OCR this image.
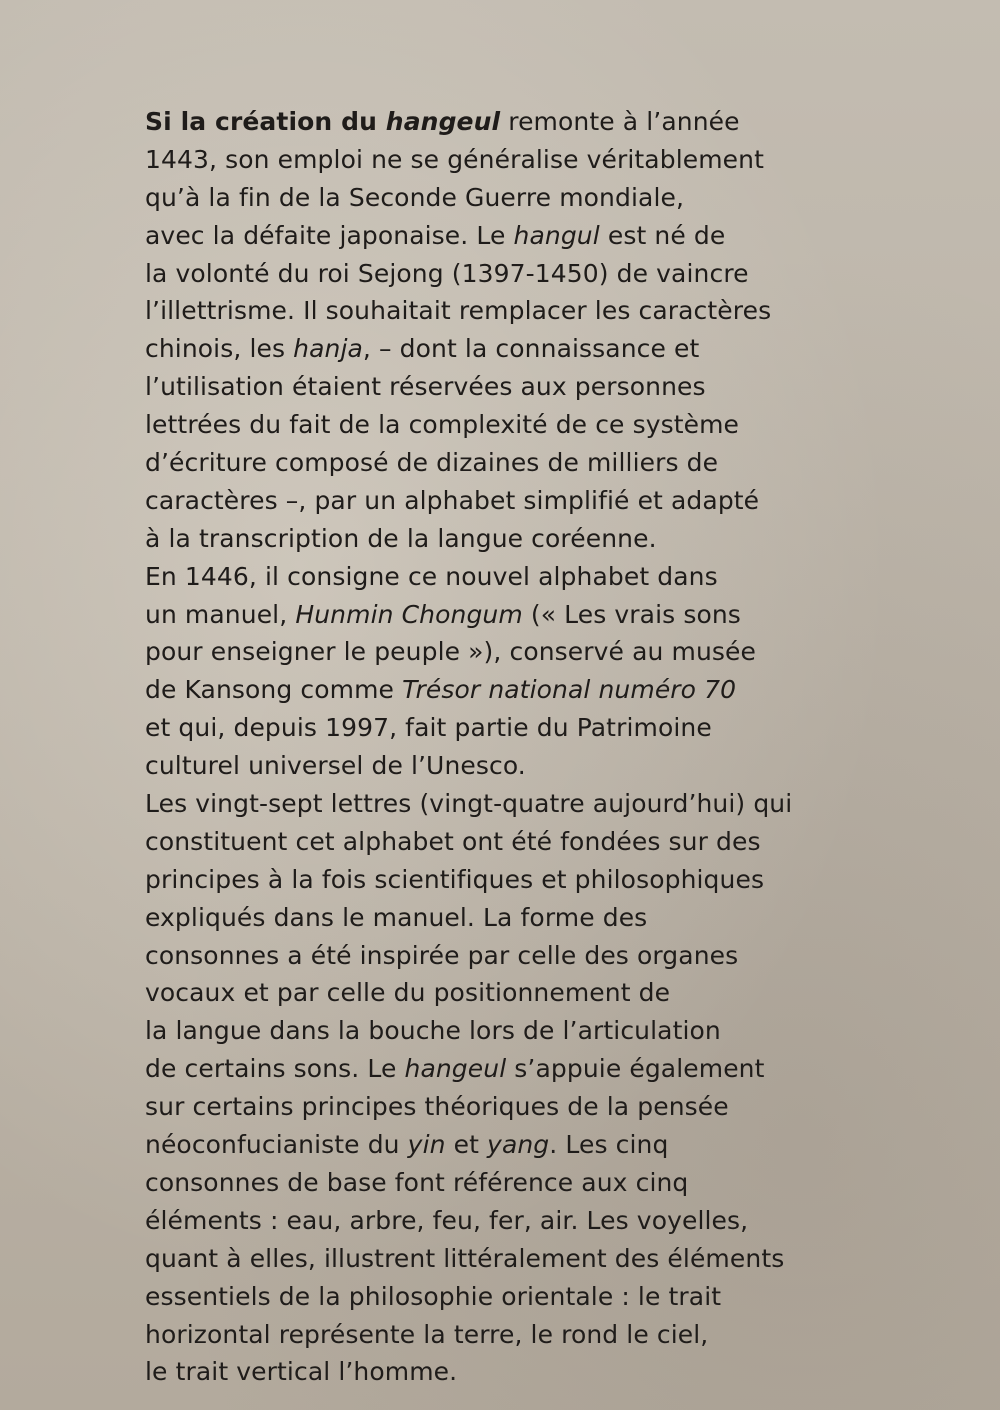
Si la création du hangeul remonte à l’année
1443, son emploi ne se généralise véritablement
qu’à la fin de la Seconde Guerre mondiale,
avec la défaite japonaise. Le hangul est né de
la volonté du roi Sejong (1397-1450) de vaincre
l’illettrisme. Il souhaitait remplacer les caractères
chinois, les hanja, – dont la connaissance et
l’utilisation étaient réservées aux personnes
lettrées du fait de la complexité de ce système
d’écriture composé de dizaines de milliers de
caractères –, par un alphabet simplifié et adapté
à la transcription de la langue coréenne.
En 1446, il consigne ce nouvel alphabet dans
un manuel, Hunmin Chongum (« Les vrais sons
pour enseigner le peuple »), conservé au musée
de Kansong comme Trésor national numéro 70
et qui, depuis 1997, fait partie du Patrimoine
culturel universel de l’Unesco.
Les vingt-sept lettres (vingt-quatre aujourd’hui) qui
constituent cet alphabet ont été fondées sur des
principes à la fois scientifiques et philosophiques
expliqués dans le manuel. La forme des
consonnes a été inspirée par celle des organes
vocaux et par celle du positionnement de
la langue dans la bouche lors de l’articulation
de certains sons. Le hangeul s’appuie également
sur certains principes théoriques de la pensée
néoconfucianiste du yin et yang. Les cinq
consonnes de base font référence aux cinq
éléments : eau, arbre, feu, fer, air. Les voyelles,
quant à elles, illustrent littéralement des éléments
essentiels de la philosophie orientale : le trait
horizontal représente la terre, le rond le ciel,
le trait vertical l’homme.
